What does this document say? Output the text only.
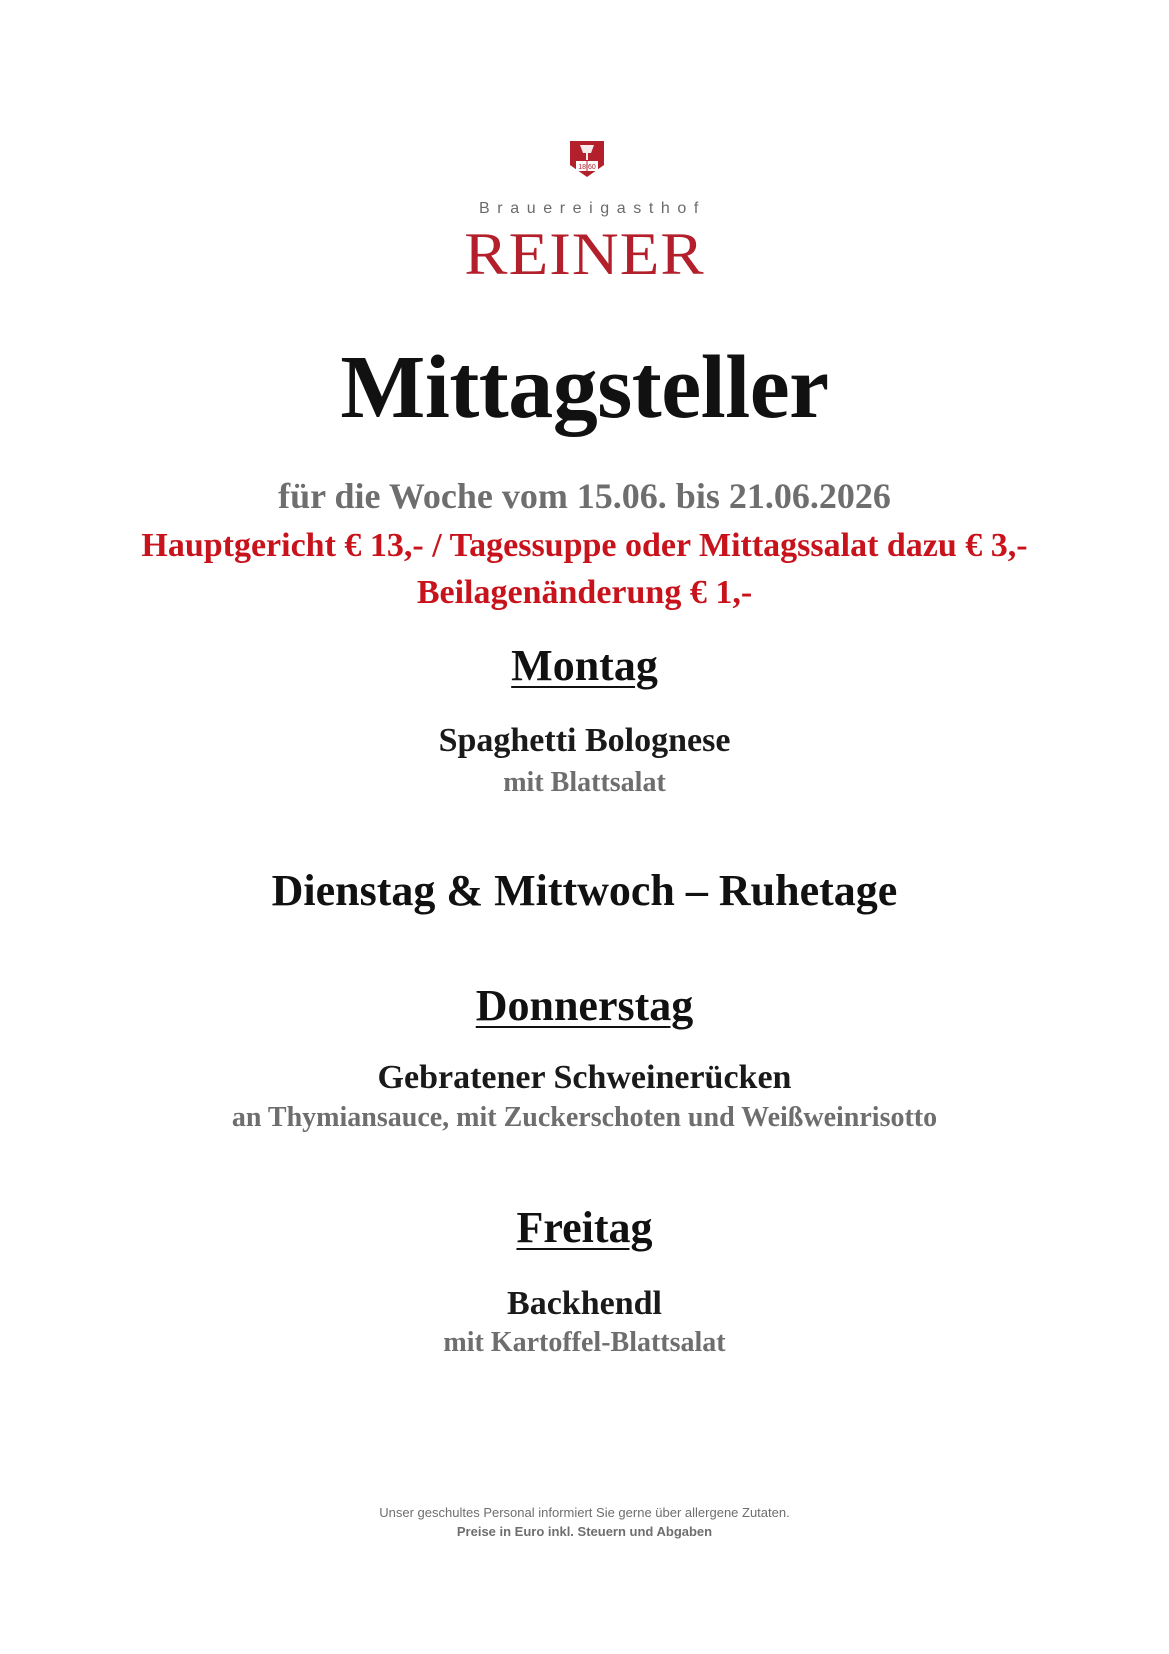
18 60
Brauereigasthof
REINER
Mittagsteller
für die Woche vom 15.06. bis 21.06.2026
Hauptgericht € 13,- / Tagessuppe oder Mittagssalat dazu € 3,-
Beilagenänderung € 1,-
Montag
Spaghetti Bolognese
mit Blattsalat
Dienstag & Mittwoch – Ruhetage
Donnerstag
Gebratener Schweinerücken
an Thymiansauce, mit Zuckerschoten und Weißweinrisotto
Freitag
Backhendl
mit Kartoffel-Blattsalat
Unser geschultes Personal informiert Sie gerne über allergene Zutaten.
Preise in Euro inkl. Steuern und Abgaben
